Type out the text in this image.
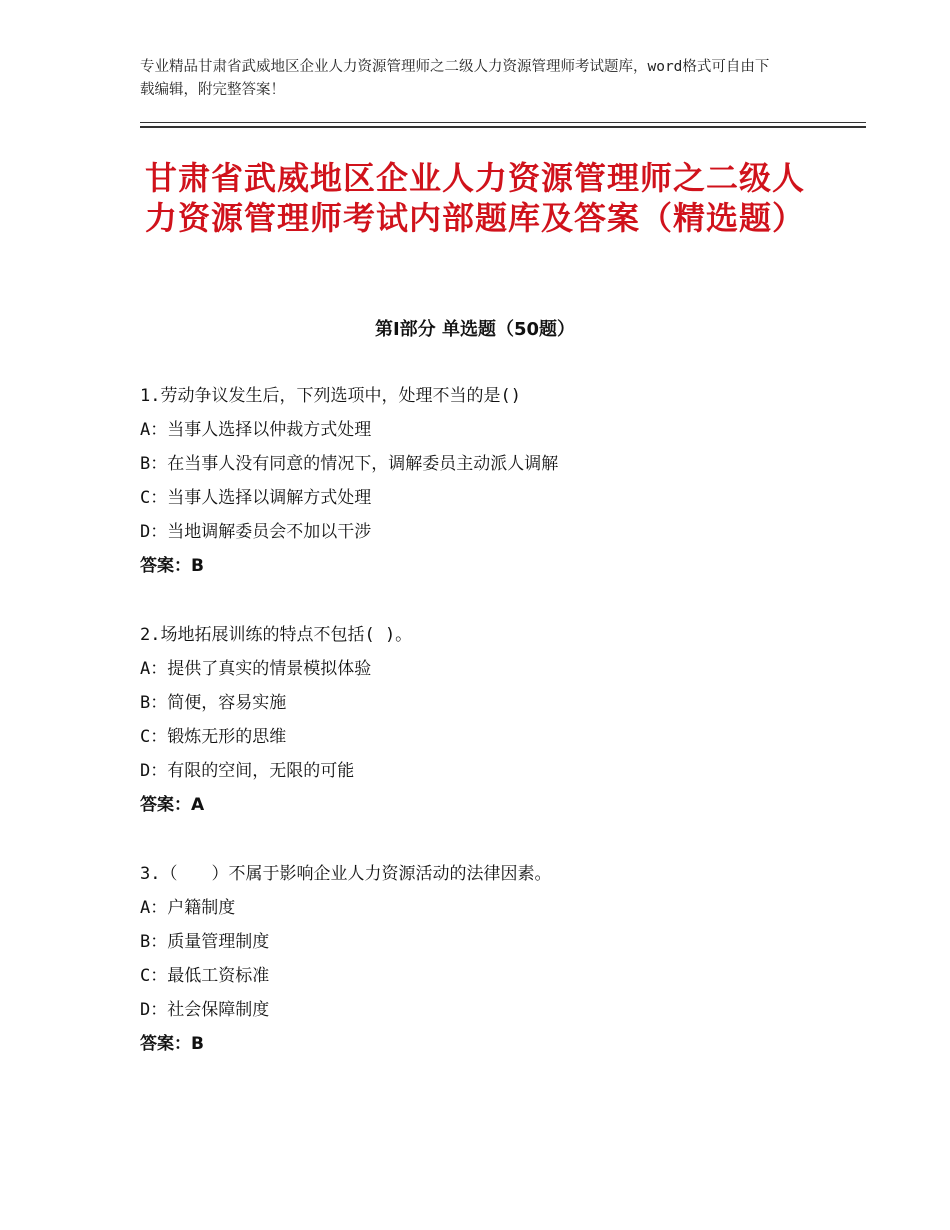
专业精品甘肃省武威地区企业人力资源管理师之二级人力资源管理师考试题库，word格式可自由下载编辑，附完整答案！
甘肃省武威地区企业人力资源管理师之二级人力资源管理师考试内部题库及答案（精选题）
第Ⅰ部分 单选题（50题）
1.劳动争议发生后，下列选项中，处理不当的是()
A：当事人选择以仲裁方式处理
B：在当事人没有同意的情况下，调解委员主动派人调解
C：当事人选择以调解方式处理
D：当地调解委员会不加以干涉
答案：B
2.场地拓展训练的特点不包括( )。
A：提供了真实的情景模拟体验
B：简便，容易实施
C：锻炼无形的思维
D：有限的空间，无限的可能
答案：A
3.（　　）不属于影响企业人力资源活动的法律因素。
A：户籍制度
B：质量管理制度
C：最低工资标准
D：社会保障制度
答案：B
